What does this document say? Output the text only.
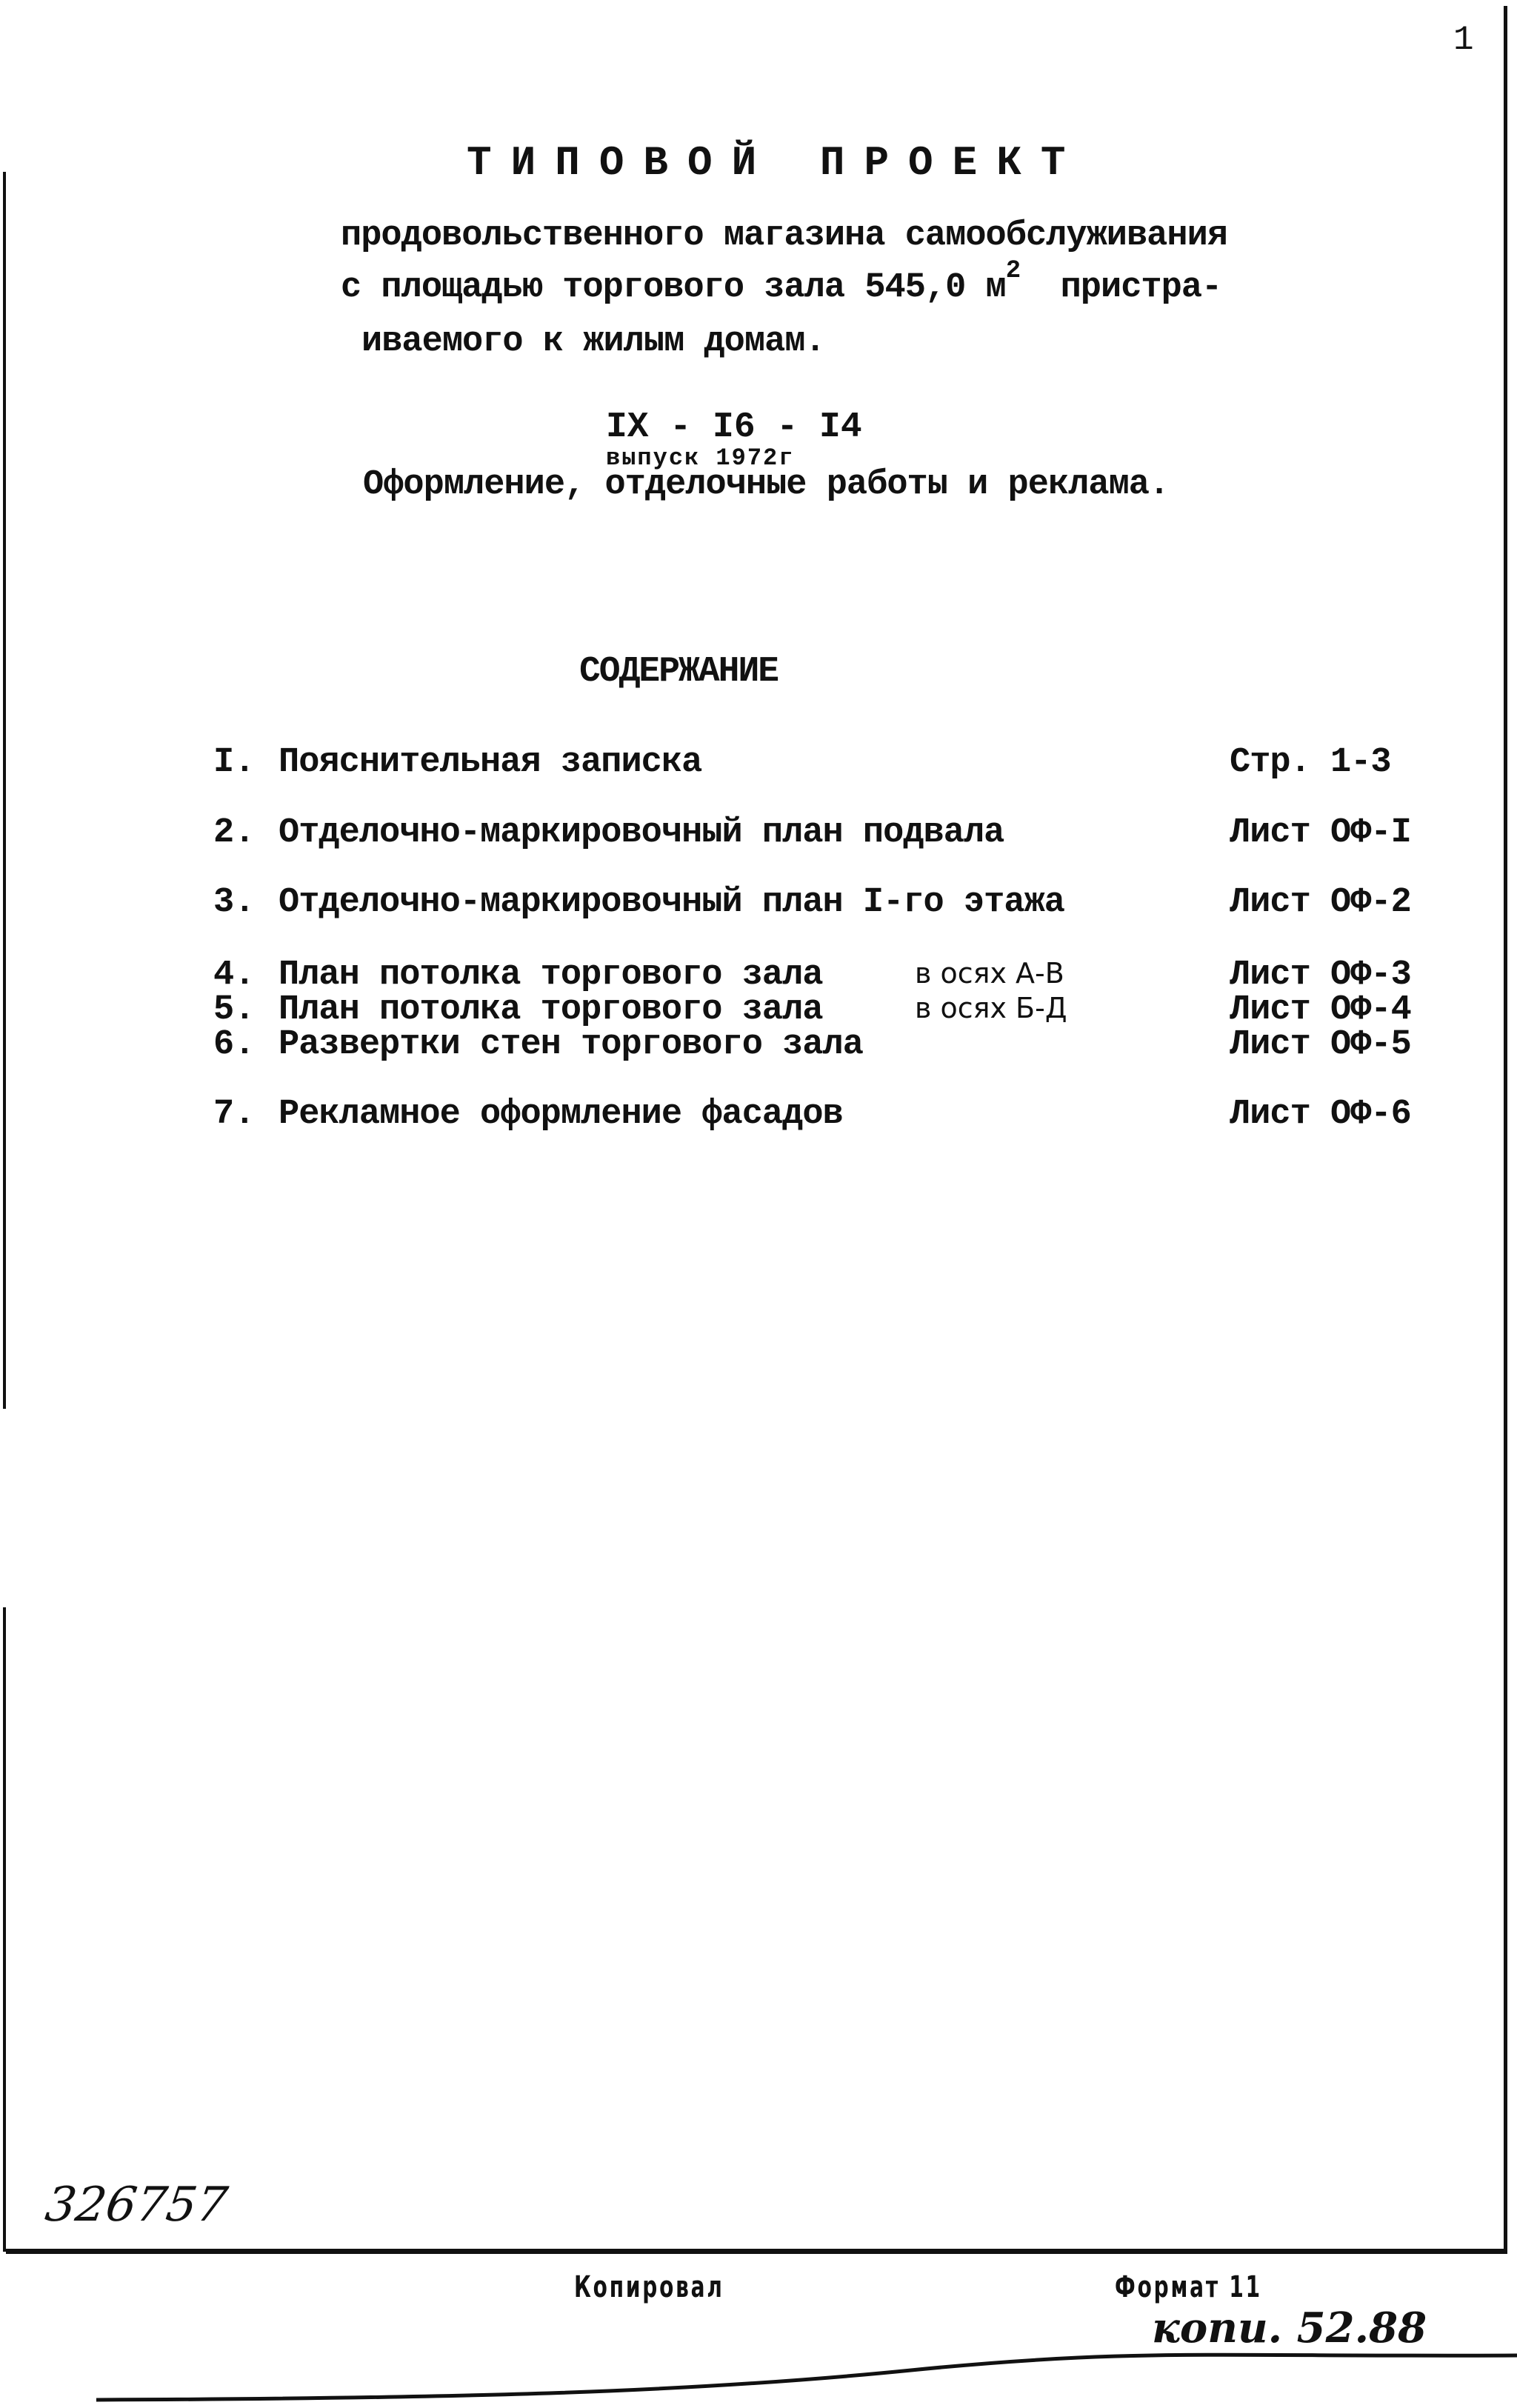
1
ТИПОВОЙ ПРОЕКТ
продовольственного магазина самообслуживания
с площадью торгового зала 545,0 $м^2$ пристра-
иваемого к жилым домам.
IX - I6 - I4
выпуск 1972г
Оформление, отделочные работы и реклама.
СОДЕРЖАНИЕ
I. Пояснительная записка	Стр. 1-3
2. Отделочно-маркировочный план подвала	Лист ОФ-I
3. Отделочно-маркировочный план I-го этажа	Лист ОФ-2
4. План потолка торгового зала	в осях А-В	Лист ОФ-3
5. План потолка торгового зала	в осях Б-Д	Лист ОФ-4
6. Развертки стен торгового зала	Лист ОФ-5
7. Рекламное оформление фасадов	Лист ОФ-6
326757
Копировал	Формат 11
копи. 52.88
